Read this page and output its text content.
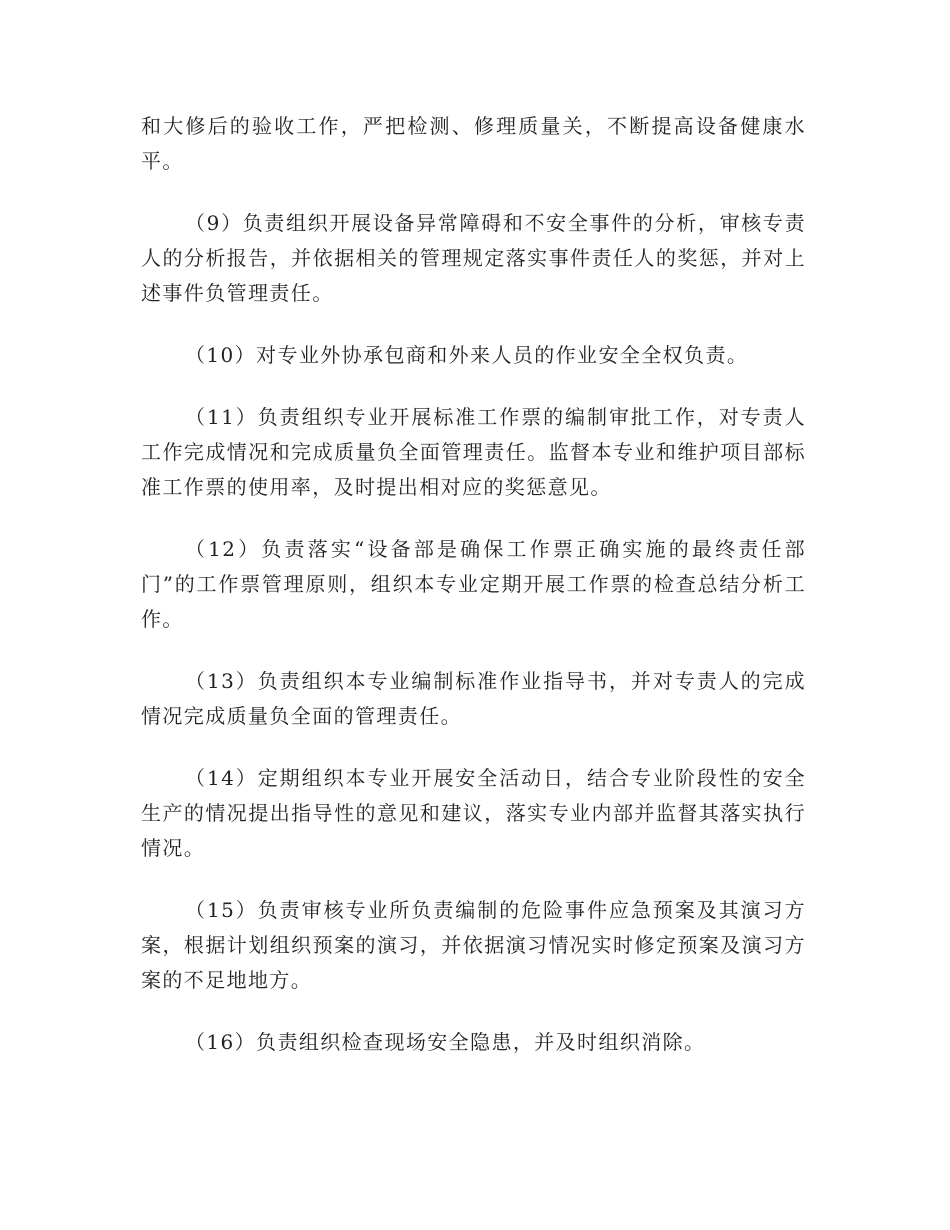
和大修后的验收工作，严把检测、修理质量关，不断提高设备健康水平。

（9）负责组织开展设备异常障碍和不安全事件的分析，审核专责人的分析报告，并依据相关的管理规定落实事件责任人的奖惩，并对上述事件负管理责任。

（10）对专业外协承包商和外来人员的作业安全全权负责。

（11）负责组织专业开展标准工作票的编制审批工作，对专责人工作完成情况和完成质量负全面管理责任。监督本专业和维护项目部标准工作票的使用率，及时提出相对应的奖惩意见。

（12）负责落实“设备部是确保工作票正确实施的最终责任部门”的工作票管理原则，组织本专业定期开展工作票的检查总结分析工作。

（13）负责组织本专业编制标准作业指导书，并对专责人的完成情况完成质量负全面的管理责任。

（14）定期组织本专业开展安全活动日，结合专业阶段性的安全生产的情况提出指导性的意见和建议，落实专业内部并监督其落实执行情况。

（15）负责审核专业所负责编制的危险事件应急预案及其演习方案，根据计划组织预案的演习，并依据演习情况实时修定预案及演习方案的不足地地方。

（16）负责组织检查现场安全隐患，并及时组织消除。
